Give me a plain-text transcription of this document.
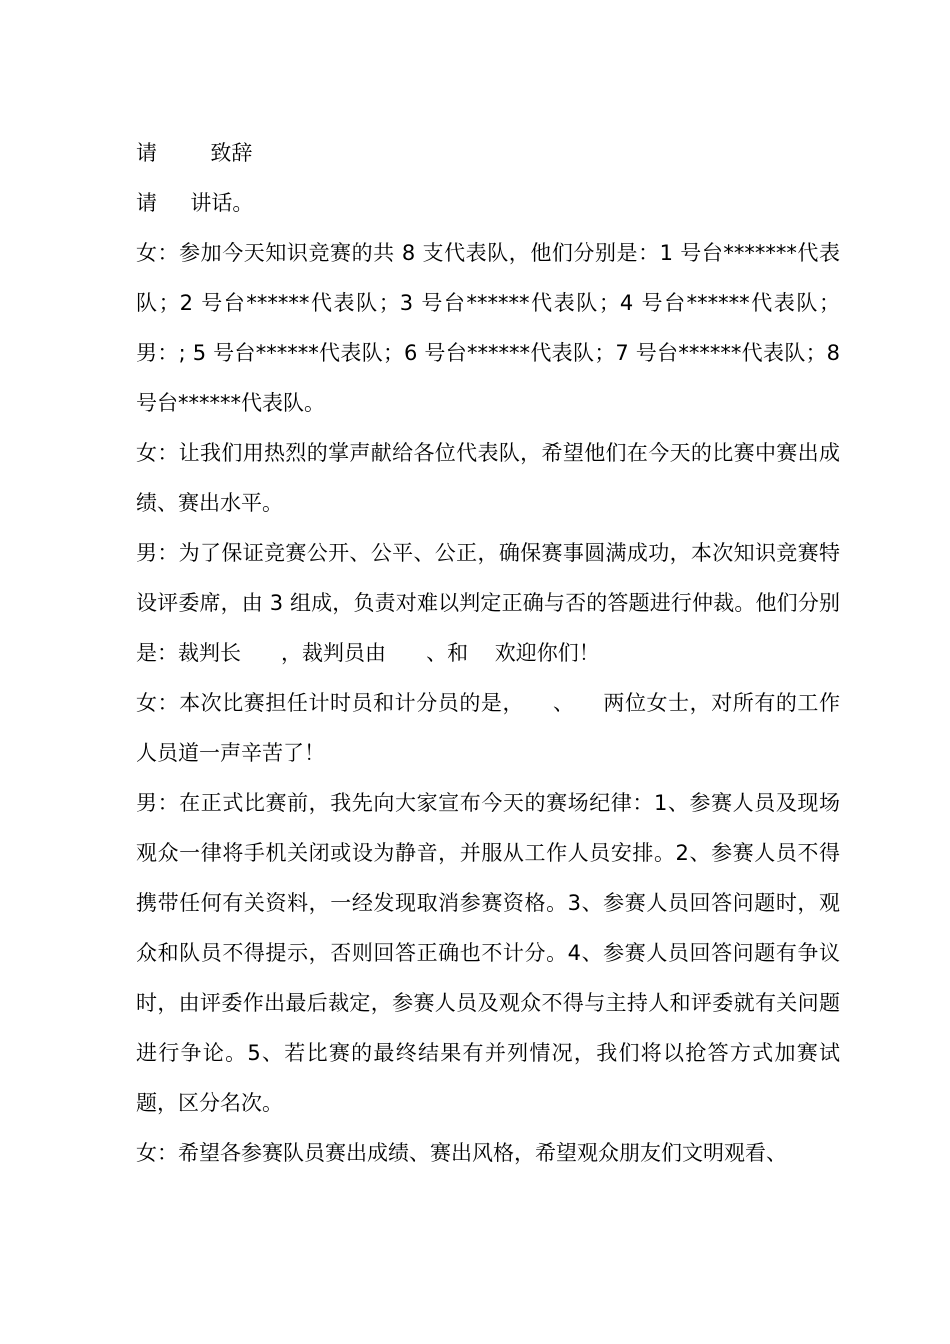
请        致辞

请     讲话。

女：参加今天知识竞赛的共 8 支代表队，他们分别是：1 号台*******代表队；2 号台******代表队；3 号台******代表队；4 号台******代表队；男：; 5 号台******代表队；6 号台******代表队；7 号台******代表队；8 号台******代表队。

女：让我们用热烈的掌声献给各位代表队，希望他们在今天的比赛中赛出成绩、赛出水平。

男：为了保证竞赛公开、公平、公正，确保赛事圆满成功，本次知识竞赛特设评委席，由 3 组成，负责对难以判定正确与否的答题进行仲裁。他们分别是：裁判长      ，裁判员由      、和    欢迎你们！

女：本次比赛担任计时员和计分员的是，    、    两位女士，对所有的工作人员道一声辛苦了！

男：在正式比赛前，我先向大家宣布今天的赛场纪律：1、参赛人员及现场观众一律将手机关闭或设为静音，并服从工作人员安排。2、参赛人员不得携带任何有关资料，一经发现取消参赛资格。3、参赛人员回答问题时，观众和队员不得提示，否则回答正确也不计分。4、参赛人员回答问题有争议时，由评委作出最后裁定，参赛人员及观众不得与主持人和评委就有关问题进行争论。5、若比赛的最终结果有并列情况，我们将以抢答方式加赛试题，区分名次。

女：希望各参赛队员赛出成绩、赛出风格，希望观众朋友们文明观看、
